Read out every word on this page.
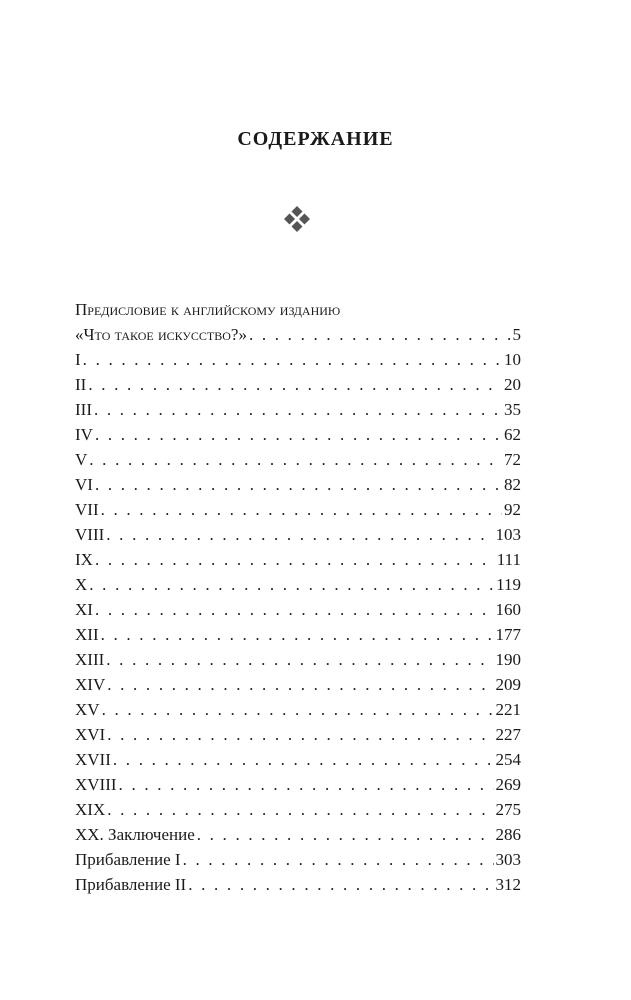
СОДЕРЖАНИЕ
Предисловие к английскому изданию
«Что такое искусство?» . . .	5
I . . .	10
II . . .	20
III . . .	35
IV . . .	62
V . . .	72
VI . . .	82
VII . . .	92
VIII . . .	103
IX . . .	111
X . . .	119
XI . . .	160
XII . . .	177
XIII . . .	190
XIV . . .	209
XV . . .	221
XVI . . .	227
XVII . . .	254
XVIII . . .	269
XIX . . .	275
XX. Заключение . . .	286
Прибавление I . . .	303
Прибавление II . . .	312
